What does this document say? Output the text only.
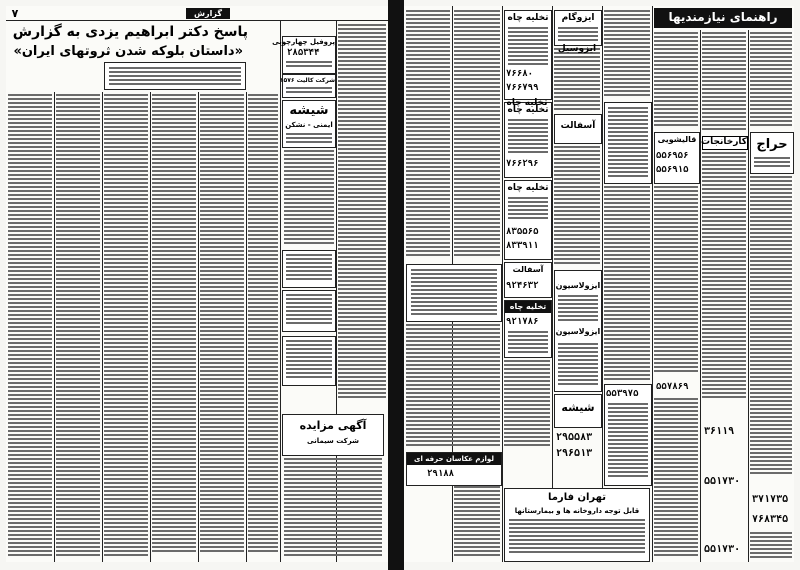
۷
	گزارش
پاسخ دکتر ابراهیم یزدی به گزارش
«داستان بلوکه شدن ثروتهای ایران»
پروفیل چهارچوبی
۲۸۵۳۴۴
شرکت کالیت ۱۵۷۶
شیشه
ایمنی - نشکن
آگهی مزایده
شرکت سیمانی
راهنمای نیازمندیها
لوازم عکاسان حرفه ای
۲۹۱۸۸
تخلیه چاه
۷۶۶۸۰
۷۶۶۷۹۹
تخلیه چاه
۷۶۶۲۹۶
تخلیه چاه
۸۳۵۵۶۵
۸۳۳۹۱۱
آسفالت
۹۲۴۶۳۲
تخلیه چاه
۹۲۱۷۸۶
ایزوگام
آسفالت
ایزولاسیون
ایزولاسیون
شیشه
۲۹۵۵۸۳
۲۹۶۵۱۳
تهران فارما
قابل توجه داروخانه ها و بیمارستانها
۵۵۳۹۷۵
قالیشویی
۵۵۶۹۵۶
۵۵۶۹۱۵
۵۵۷۸۶۹
کارخانجات
۳۶۱۱۹
۵۵۱۷۳۰
۵۵۱۷۳۰
حراج
۳۷۱۷۳۵
۷۶۸۳۴۵
